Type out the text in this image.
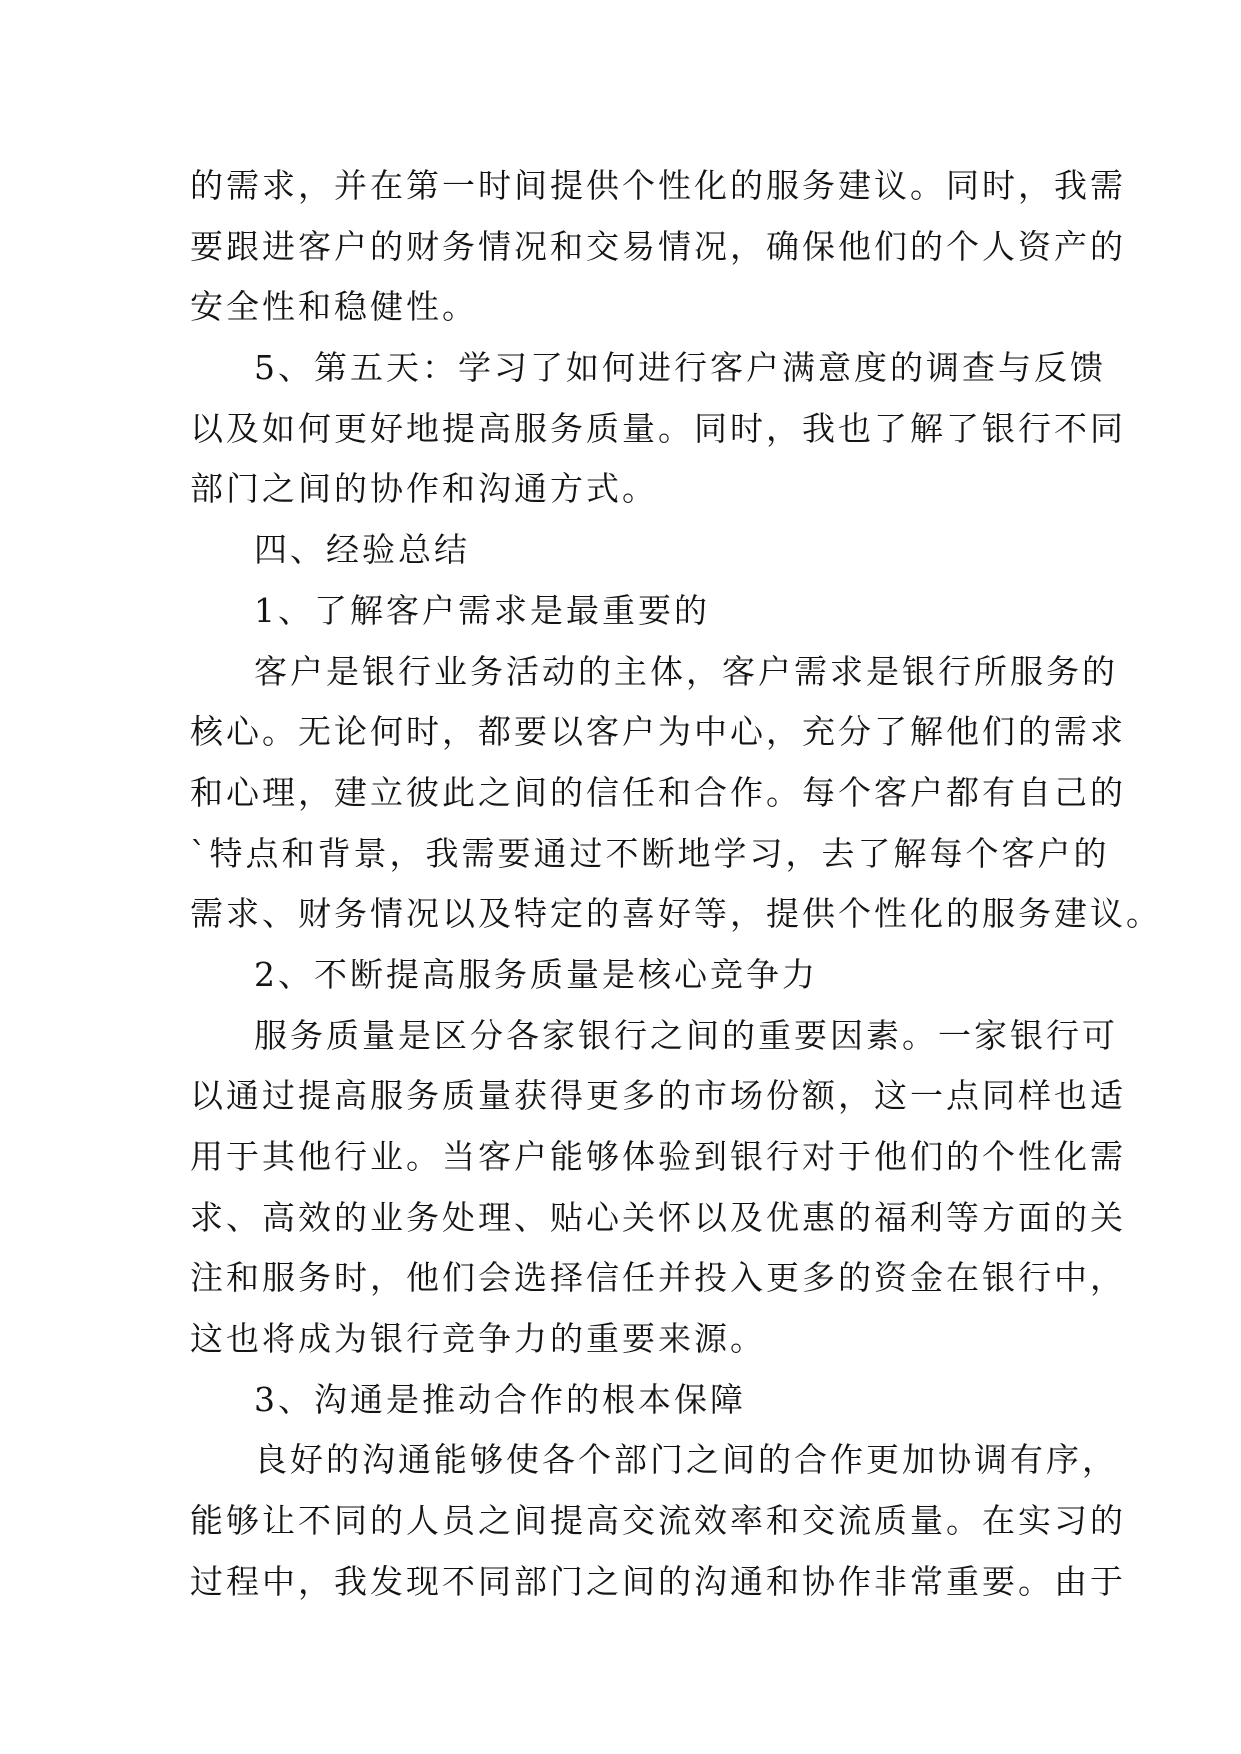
的需求，并在第一时间提供个性化的服务建议。同时，我需
要跟进客户的财务情况和交易情况，确保他们的个人资产的
安全性和稳健性。
5、第五天：学习了如何进行客户满意度的调查与反馈
以及如何更好地提高服务质量。同时，我也了解了银行不同
部门之间的协作和沟通方式。
四、经验总结
1、了解客户需求是最重要的
客户是银行业务活动的主体，客户需求是银行所服务的
核心。无论何时，都要以客户为中心，充分了解他们的需求
和心理，建立彼此之间的信任和合作。每个客户都有自己的
`特点和背景，我需要通过不断地学习，去了解每个客户的
需求、财务情况以及特定的喜好等，提供个性化的服务建议。
2、不断提高服务质量是核心竞争力
服务质量是区分各家银行之间的重要因素。一家银行可
以通过提高服务质量获得更多的市场份额，这一点同样也适
用于其他行业。当客户能够体验到银行对于他们的个性化需
求、高效的业务处理、贴心关怀以及优惠的福利等方面的关
注和服务时，他们会选择信任并投入更多的资金在银行中，
这也将成为银行竞争力的重要来源。
3、沟通是推动合作的根本保障
良好的沟通能够使各个部门之间的合作更加协调有序，
能够让不同的人员之间提高交流效率和交流质量。在实习的
过程中，我发现不同部门之间的沟通和协作非常重要。由于
